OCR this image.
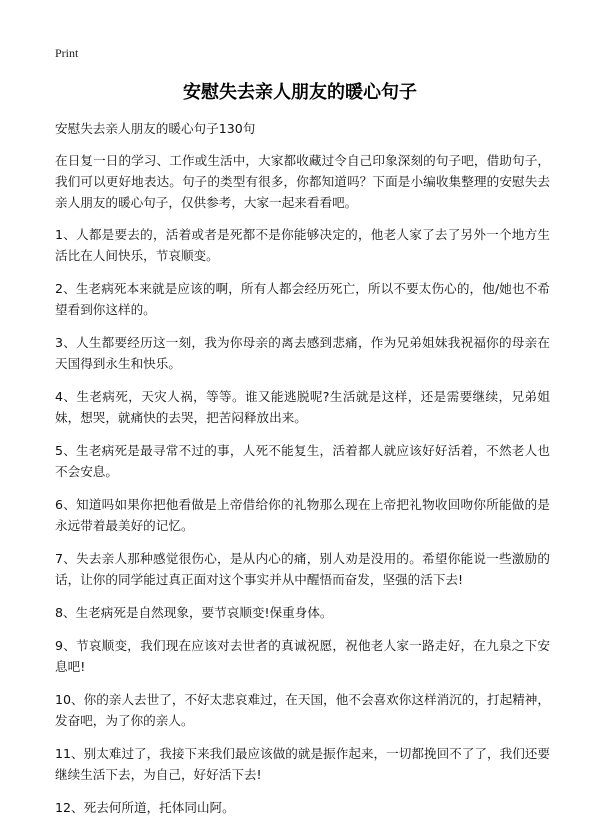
Print
安慰失去亲人朋友的暖心句子

安慰失去亲人朋友的暖心句子130句

在日复一日的学习、工作或生活中，大家都收藏过令自己印象深刻的句子吧，借助句子，我们可以更好地表达。句子的类型有很多，你都知道吗？下面是小编收集整理的安慰失去亲人朋友的暖心句子，仅供参考，大家一起来看看吧。

1、人都是要去的，活着或者是死都不是你能够决定的，他老人家了去了另外一个地方生活比在人间快乐，节哀顺变。

2、生老病死本来就是应该的啊，所有人都会经历死亡，所以不要太伤心的，他/她也不希望看到你这样的。

3、人生都要经历这一刻，我为你母亲的离去感到悲痛，作为兄弟姐妹我祝福你的母亲在天国得到永生和快乐。

4、生老病死，天灾人祸，等等。谁又能逃脱呢?生活就是这样，还是需要继续，兄弟姐妹，想哭，就痛快的去哭，把苦闷释放出来。

5、生老病死是最寻常不过的事，人死不能复生，活着都人就应该好好活着，不然老人也不会安息。

6、知道吗如果你把他看做是上帝借给你的礼物那么现在上帝把礼物收回吻你所能做的是永远带着最美好的记忆。

7、失去亲人那种感觉很伤心，是从内心的痛，别人劝是没用的。希望你能说一些激励的话，让你的同学能过真正面对这个事实并从中醒悟而奋发，坚强的活下去!

8、生老病死是自然现象，要节哀顺变!保重身体。

9、节哀顺变，我们现在应该对去世者的真诚祝愿，祝他老人家一路走好，在九泉之下安息吧!

10、你的亲人去世了，不好太悲哀难过，在天国，他不会喜欢你这样消沉的，打起精神，发奋吧，为了你的亲人。

11、别太难过了，我接下来我们最应该做的就是振作起来，一切都挽回不了了，我们还要继续生活下去，为自己，好好活下去!

12、死去何所道，托体同山阿。
